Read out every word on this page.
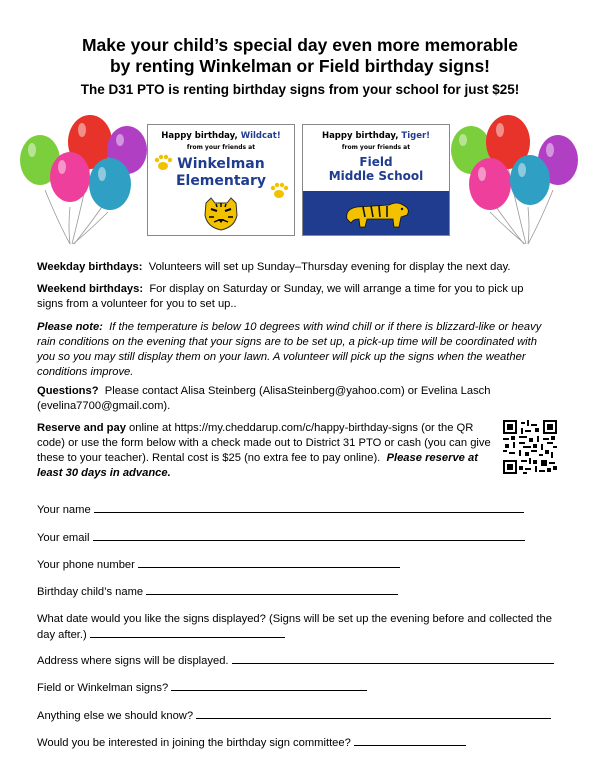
Make your child’s special day even more memorable
by renting Winkelman or Field birthday signs!
The D31 PTO is renting birthday signs from your school for just $25!
Happy birthday, Wildcat!
from your friends at
Winkelman
Elementary
Happy birthday, Tiger!
from your friends at
Field
Middle School
Weekday birthdays: Volunteers will set up Sunday–Thursday evening for display the next day.
Weekend birthdays: For display on Saturday or Sunday, we will arrange a time for you to pick up signs from a volunteer for you to set up..
Please note: If the temperature is below 10 degrees with wind chill or if there is blizzard-like or heavy rain conditions on the evening that your signs are to be set up, a pick-up time will be coordinated with you so you may still display them on your lawn. A volunteer will pick up the signs when the weather conditions improve.
Questions? Please contact Alisa Steinberg (AlisaSteinberg@yahoo.com) or Evelina Lasch (evelina7700@gmail.com).
Reserve and pay online at https://my.cheddarup.com/c/happy-birthday-signs (or the QR code) or use the form below with a check made out to District 31 PTO or cash (you can give these to your teacher). Rental cost is $25 (no extra fee to pay online). Please reserve at least 30 days in advance.
Your name
Your email
Your phone number
Birthday child’s name
What date would you like the signs displayed? (Signs will be set up the evening before and collected the day after.)
Address where signs will be displayed.
Field or Winkelman signs?
Anything else we should know?
Would you be interested in joining the birthday sign committee?
